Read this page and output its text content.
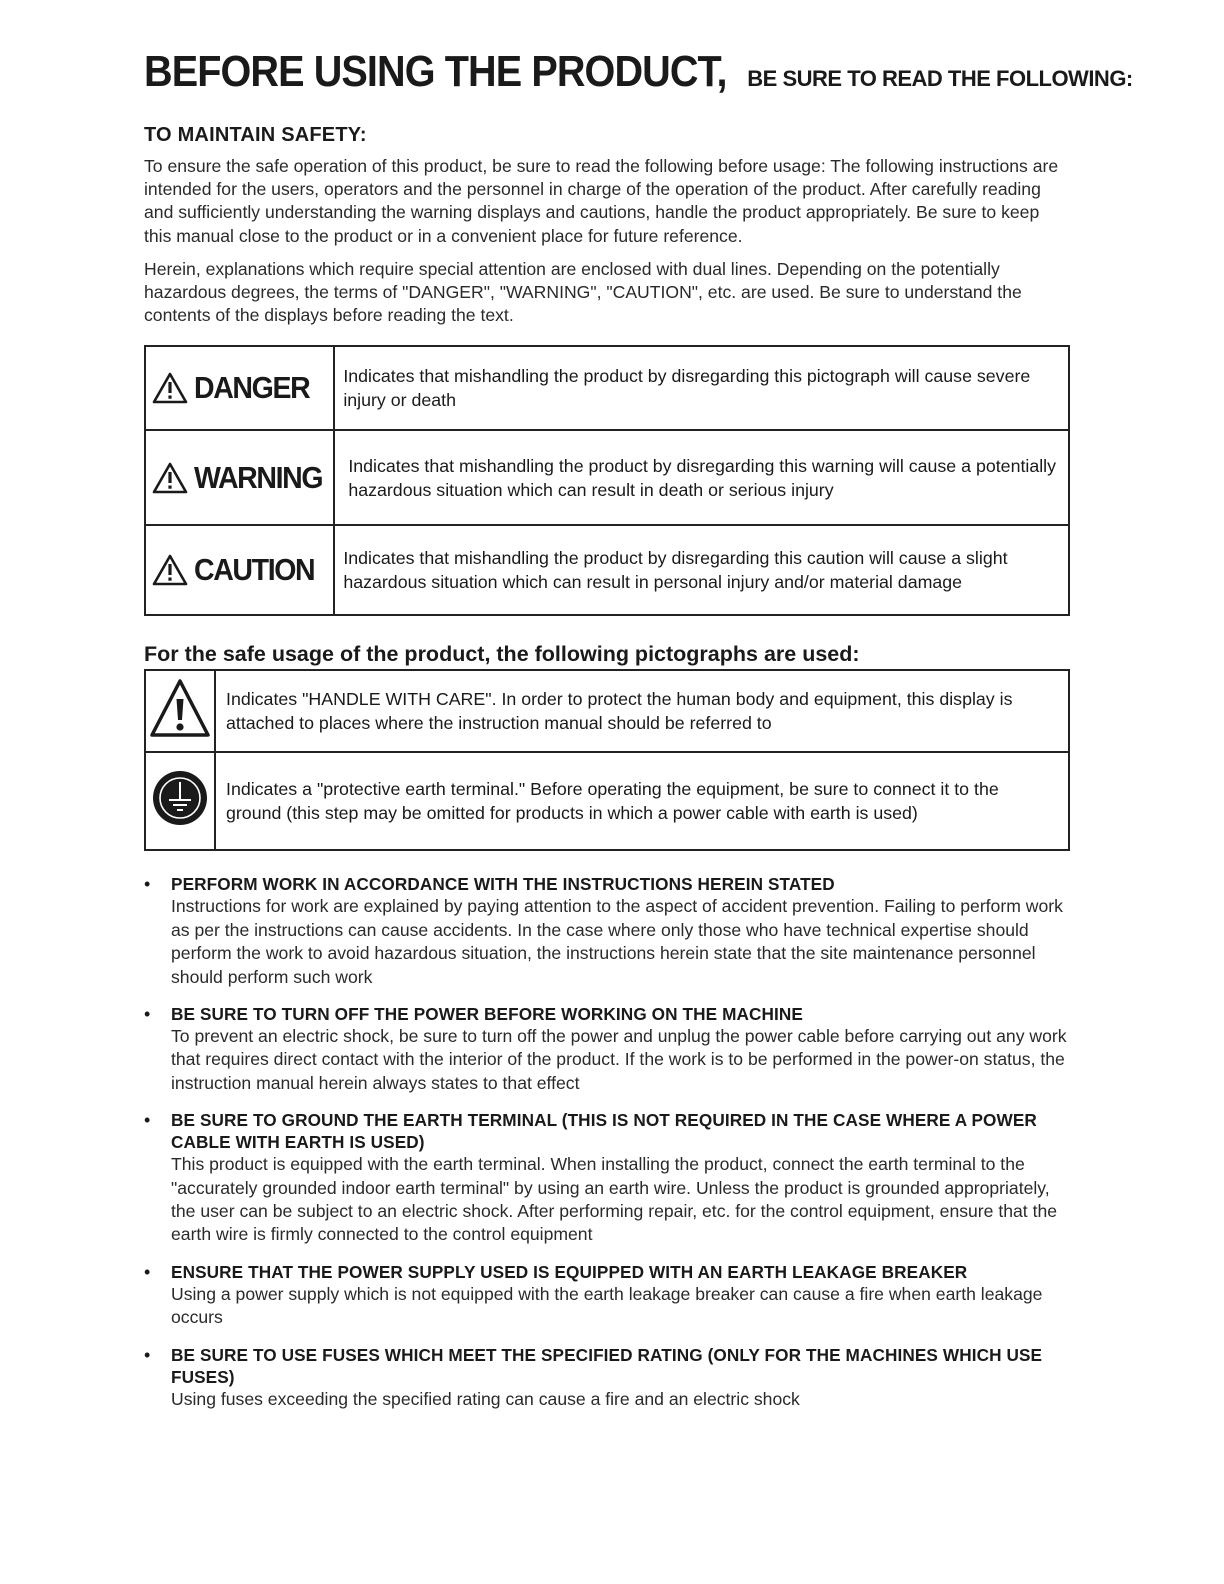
BEFORE USING THE PRODUCT, BE SURE TO READ THE FOLLOWING:
TO MAINTAIN SAFETY:

To ensure the safe operation of this product, be sure to read the following before usage: The following instructions are intended for the users, operators and the personnel in charge of the operation of the product. After carefully reading and sufficiently understanding the warning displays and cautions, handle the product appropriately. Be sure to keep this manual close to the product or in a convenient place for future reference.

Herein, explanations which require special attention are enclosed with dual lines. Depending on the potentially hazardous degrees, the terms of "DANGER", "WARNING", "CAUTION", etc. are used. Be sure to understand the contents of the displays before reading the text.

DANGER	Indicates that mishandling the product by disregarding this pictograph will cause severe injury or death

WARNING	Indicates that mishandling the product by disregarding this warning will cause a potentially hazardous situation which can result in death or serious injury

CAUTION	Indicates that mishandling the product by disregarding this caution will cause a slight hazardous situation which can result in personal injury and/or material damage
For the safe usage of the product, the following pictographs are used:
	Indicates "HANDLE WITH CARE". In order to protect the human body and equipment, this display is attached to places where the instruction manual should be referred to
	Indicates a "protective earth terminal." Before operating the equipment, be sure to connect it to the ground (this step may be omitted for products in which a power cable with earth is used)
• PERFORM WORK IN ACCORDANCE WITH THE INSTRUCTIONS HEREIN STATED
Instructions for work are explained by paying attention to the aspect of accident prevention. Failing to perform work as per the instructions can cause accidents. In the case where only those who have technical expertise should perform the work to avoid hazardous situation, the instructions herein state that the site maintenance personnel should perform such work
• BE SURE TO TURN OFF THE POWER BEFORE WORKING ON THE MACHINE
To prevent an electric shock, be sure to turn off the power and unplug the power cable before carrying out any work that requires direct contact with the interior of the product. If the work is to be performed in the power-on status, the instruction manual herein always states to that effect
• BE SURE TO GROUND THE EARTH TERMINAL (THIS IS NOT REQUIRED IN THE CASE WHERE A POWER CABLE WITH EARTH IS USED)
This product is equipped with the earth terminal. When installing the product, connect the earth terminal to the "accurately grounded indoor earth terminal" by using an earth wire. Unless the product is grounded appropriately, the user can be subject to an electric shock. After performing repair, etc. for the control equipment, ensure that the earth wire is firmly connected to the control equipment
• ENSURE THAT THE POWER SUPPLY USED IS EQUIPPED WITH AN EARTH LEAKAGE BREAKER
Using a power supply which is not equipped with the earth leakage breaker can cause a fire when earth leakage occurs
• BE SURE TO USE FUSES WHICH MEET THE SPECIFIED RATING (ONLY FOR THE MACHINES WHICH USE FUSES)
Using fuses exceeding the specified rating can cause a fire and an electric shock
